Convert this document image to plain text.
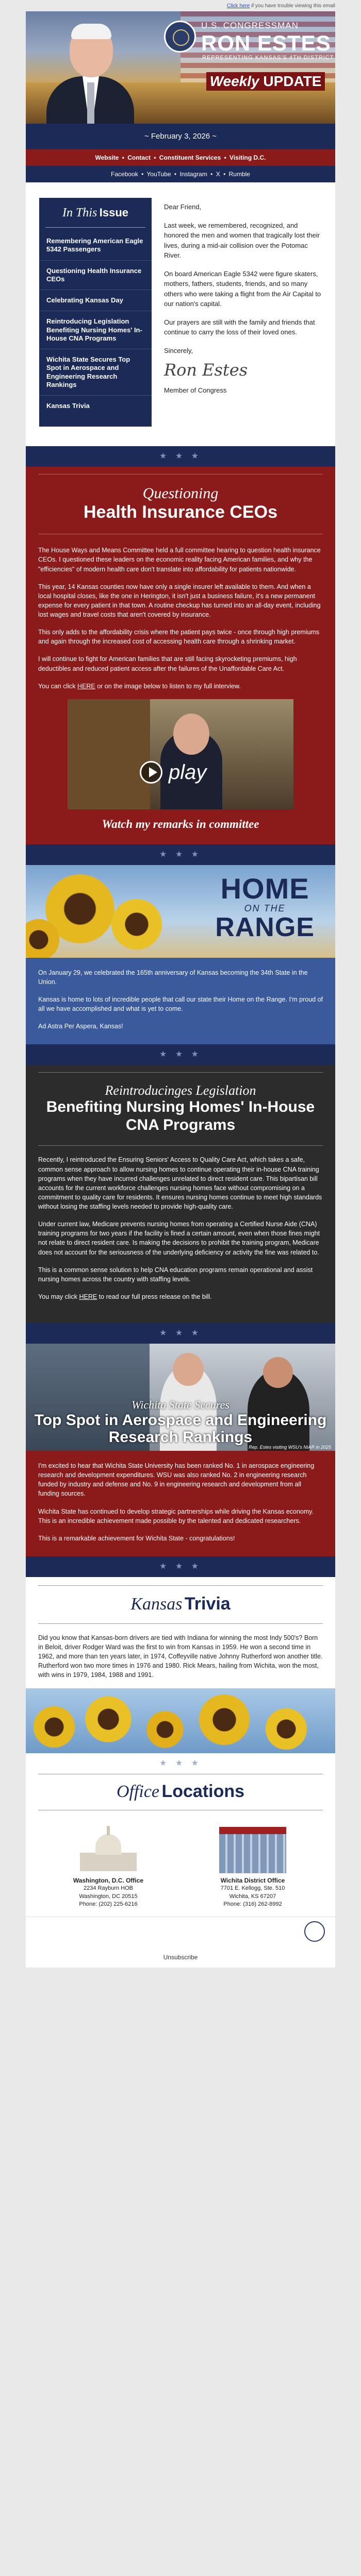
Click here if you have trouble viewing this email
U.S. CONGRESSMAN
RON ESTES
REPRESENTING KANSAS'S 4TH DISTRICT
Weekly UPDATE
~ February 3, 2026 ~
Website • Contact • Constituent Services • Visiting D.C.
Facebook • YouTube • Instagram • X • Rumble
In This Issue
Remembering American Eagle 5342 Passengers
Questioning Health Insurance CEOs
Celebrating Kansas Day
Reintroducing Legislation Benefiting Nursing Homes' In-House CNA Programs
Wichita State Secures Top Spot in Aerospace and Engineering Research Rankings
Kansas Trivia

Dear Friend,

Last week, we remembered, recognized, and honored the men and women that tragically lost their lives, during a mid-air collision over the Potomac River.

On board American Eagle 5342 were figure skaters, mothers, fathers, students, friends, and so many others who were taking a flight from the Air Capital to our nation's capital.

Our prayers are still with the family and friends that continue to carry the loss of their loved ones.

Sincerely,

Ron Estes

Member of Congress

★ ★ ★
Questioning
Health Insurance CEOs

The House Ways and Means Committee held a full committee hearing to question health insurance CEOs. I questioned these leaders on the economic reality facing American families, and why the "efficiencies" of modern health care don't translate into affordability for patients nationwide.

This year, 14 Kansas counties now have only a single insurer left available to them. And when a local hospital closes, like the one in Herington, it isn't just a business failure, it's a new permanent expense for every patient in that town. A routine checkup has turned into an all-day event, including lost wages and travel costs that aren't covered by insurance.

This only adds to the affordability crisis where the patient pays twice - once through high premiums and again through the increased cost of accessing health care through a shrinking market.

I will continue to fight for American families that are still facing skyrocketing premiums, high deductibles and reduced patient access after the failures of the Unaffordable Care Act.

You can click HERE or on the image below to listen to my full interview.

play
Watch my remarks in committee
★ ★ ★
HOME
ON THE
RANGE

On January 29, we celebrated the 165th anniversary of Kansas becoming the 34th State in the Union.

Kansas is home to lots of incredible people that call our state their Home on the Range. I'm proud of all we have accomplished and what is yet to come.

Ad Astra Per Aspera, Kansas!

★ ★ ★
Reintroducinges Legislation
Benefiting Nursing Homes' In-House CNA Programs

Recently, I reintroduced the Ensuring Seniors' Access to Quality Care Act, which takes a safe, common sense approach to allow nursing homes to continue operating their in-house CNA training programs when they have incurred challenges unrelated to direct resident care. This bipartisan bill accounts for the current workforce challenges nursing homes face without compromising on a commitment to quality care for residents. It ensures nursing homes continue to meet high standards without losing the staffing levels needed to provide high-quality care.

Under current law, Medicare prevents nursing homes from operating a Certified Nurse Aide (CNA) training programs for two years if the facility is fined a certain amount, even when those fines might not relate to direct resident care. Is making the decisions to prohibit the training program, Medicare does not account for the seriousness of the underlying deficiency or activity the fine was related to.

This is a common sense solution to help CNA education programs remain operational and assist nursing homes across the country with staffing levels.

You may click HERE to read our full press release on the bill.

★ ★ ★
Wichita State Secures
Top Spot in Aerospace and Engineering Research Rankings
Rep. Estes visiting WSU's NIAR in 2025

I'm excited to hear that Wichita State University has been ranked No. 1 in aerospace engineering research and development expenditures. WSU was also ranked No. 2 in engineering research funded by industry and defense and No. 9 in engineering research and development from all funding sources.

Wichita State has continued to develop strategic partnerships while driving the Kansas economy. This is an incredible achievement made possible by the talented and dedicated researchers.

This is a remarkable achievement for Wichita State - congratulations!

★ ★ ★
Kansas Trivia

Did you know that Kansas-born drivers are tied with Indiana for winning the most Indy 500's? Born in Beloit, driver Rodger Ward was the first to win from Kansas in 1959. He won a second time in 1962, and more than ten years later, in 1974, Coffeyville native Johnny Rutherford won another title. Rutherford won two more times in 1976 and 1980. Rick Mears, hailing from Wichita, won the most, with wins in 1979, 1984, 1988 and 1991.

★ ★ ★
Office Locations
Washington, D.C. Office
2234 Rayburn HOB
Washington, DC 20515
Phone: (202) 225-6216
Wichita District Office
7701 E. Kellogg, Ste. 510
Wichita, KS 67207
Phone: (316) 262-8992
Unsubscribe
